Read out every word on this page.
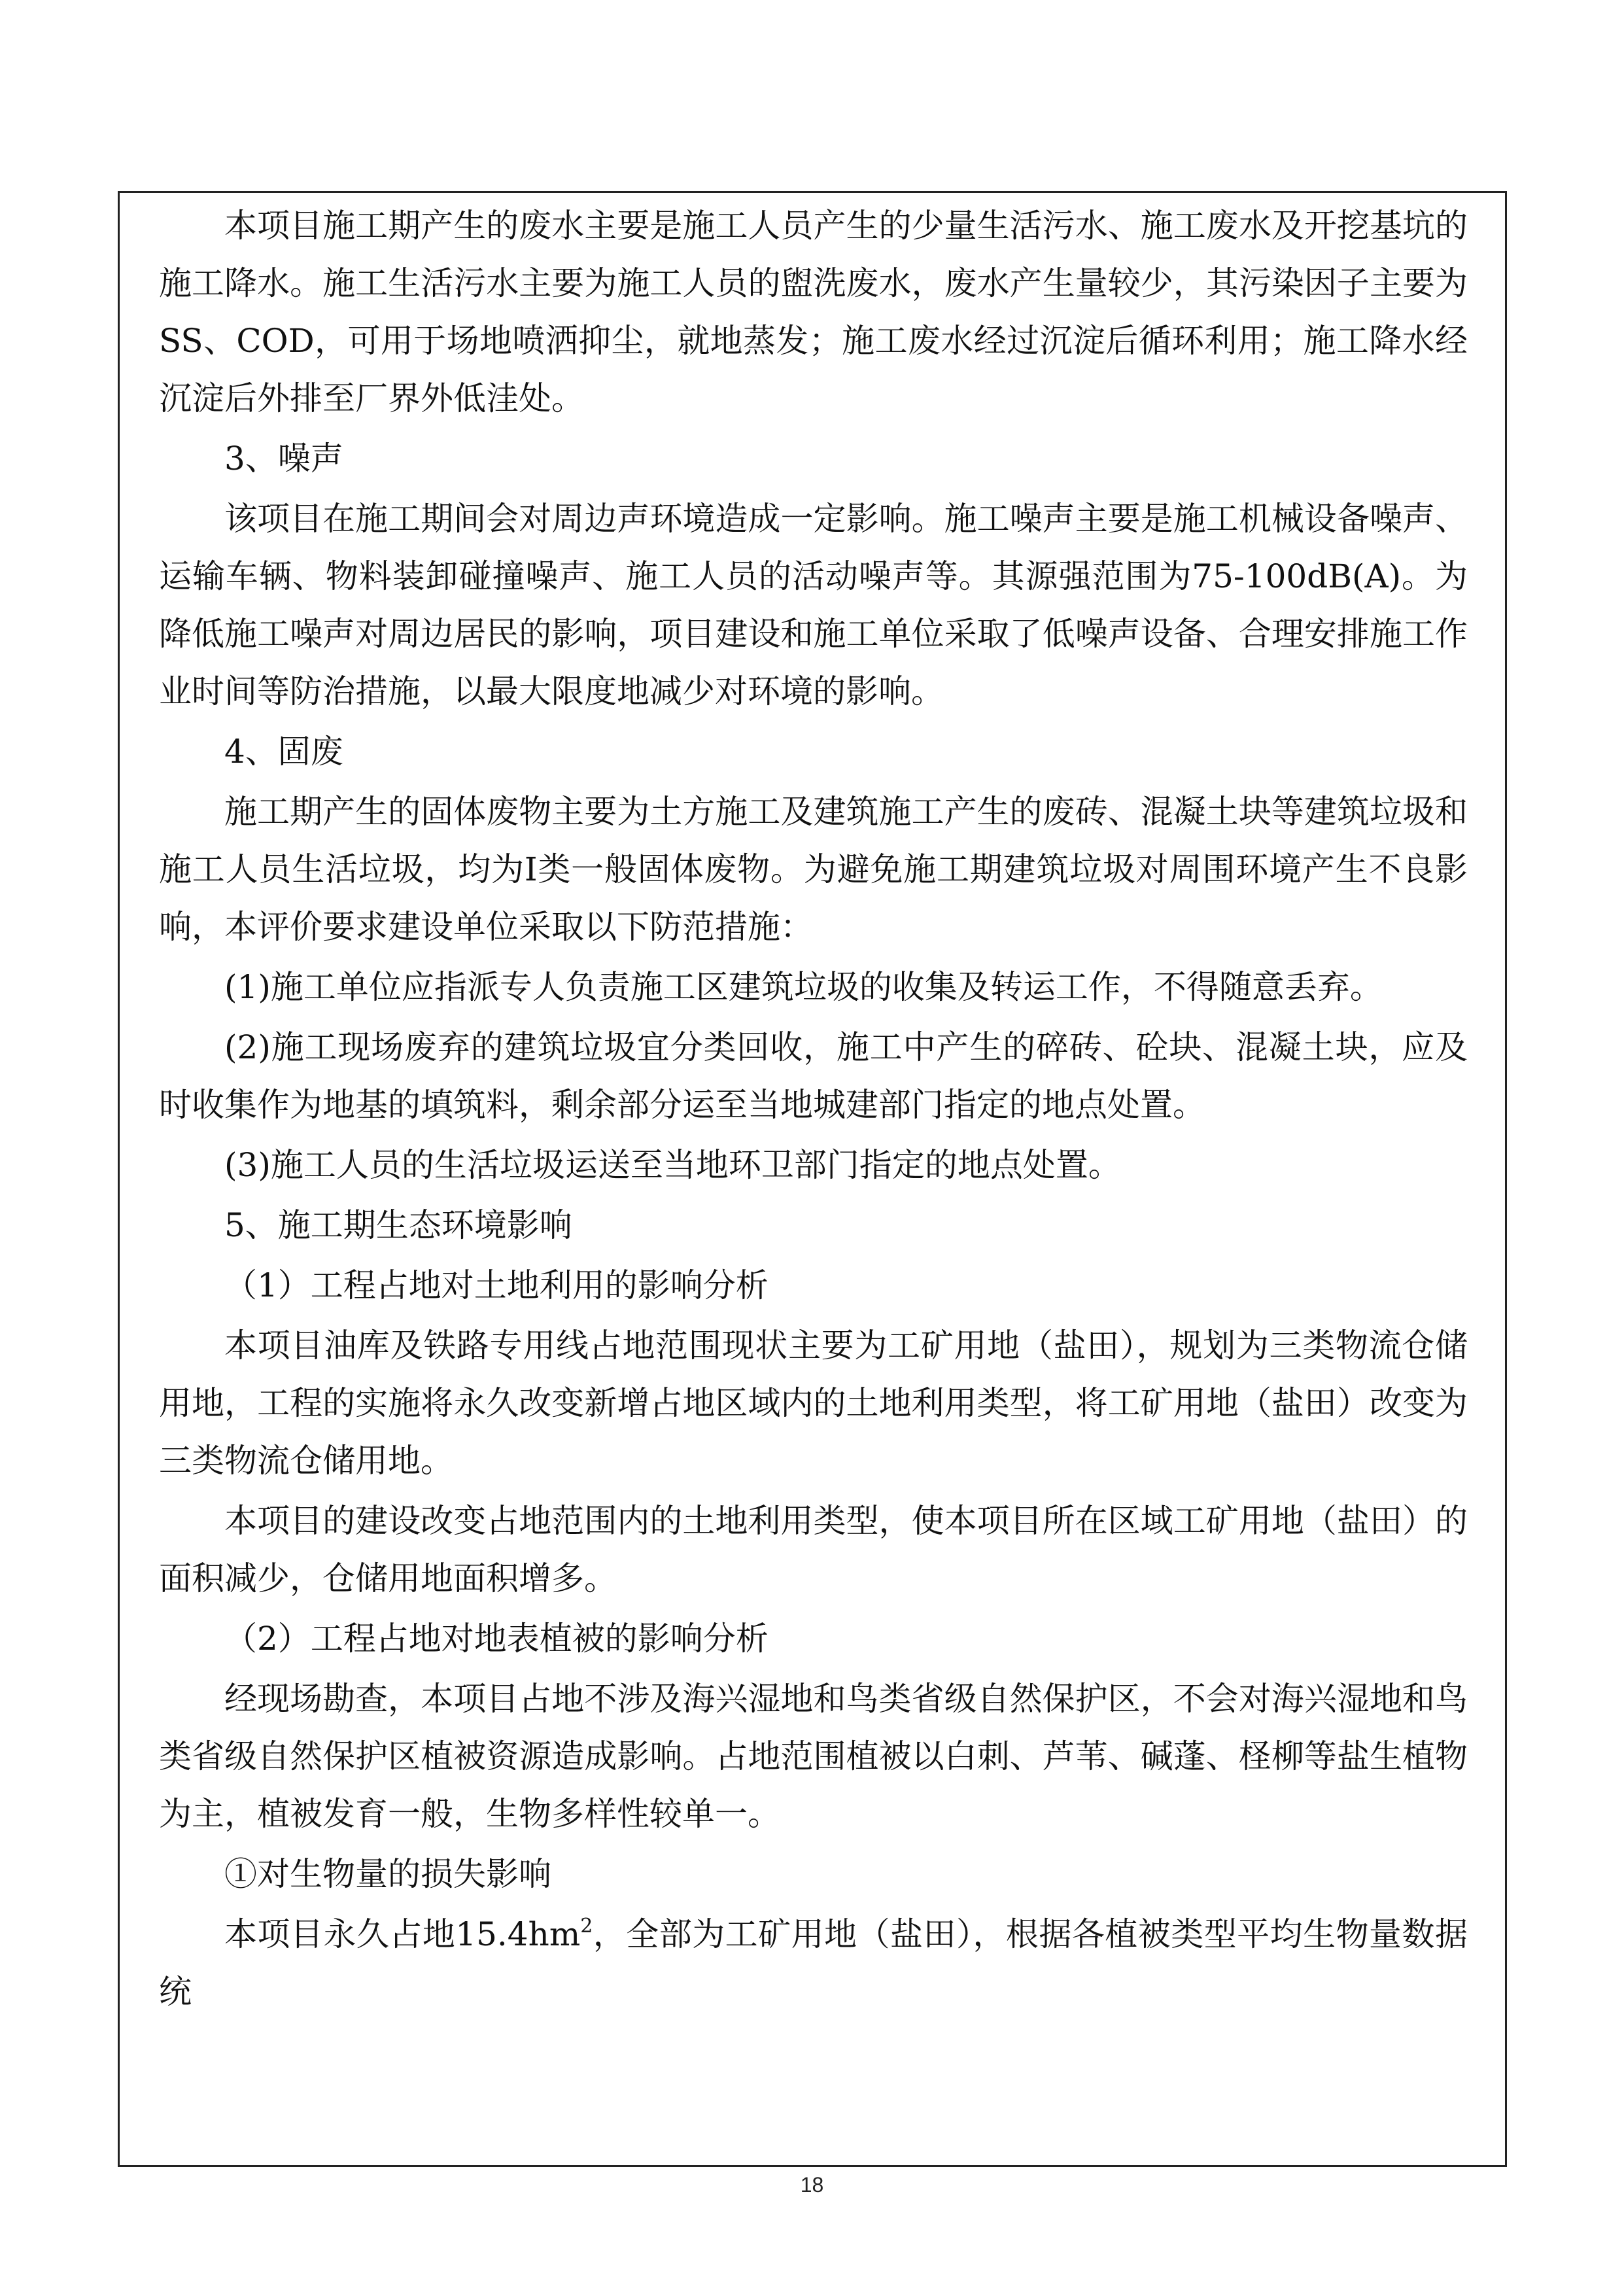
本项目施工期产生的废水主要是施工人员产生的少量生活污水、施工废水及开挖基坑的施工降水。施工生活污水主要为施工人员的盥洗废水，废水产生量较少，其污染因子主要为SS、COD，可用于场地喷洒抑尘，就地蒸发；施工废水经过沉淀后循环利用；施工降水经沉淀后外排至厂界外低洼处。

3、噪声

该项目在施工期间会对周边声环境造成一定影响。施工噪声主要是施工机械设备噪声、运输车辆、物料装卸碰撞噪声、施工人员的活动噪声等。其源强范围为75-100dB(A)。为降低施工噪声对周边居民的影响，项目建设和施工单位采取了低噪声设备、合理安排施工作业时间等防治措施，以最大限度地减少对环境的影响。

4、固废

施工期产生的固体废物主要为土方施工及建筑施工产生的废砖、混凝土块等建筑垃圾和施工人员生活垃圾，均为I类一般固体废物。为避免施工期建筑垃圾对周围环境产生不良影响，本评价要求建设单位采取以下防范措施：

(1)施工单位应指派专人负责施工区建筑垃圾的收集及转运工作，不得随意丢弃。

(2)施工现场废弃的建筑垃圾宜分类回收，施工中产生的碎砖、砼块、混凝土块，应及时收集作为地基的填筑料，剩余部分运至当地城建部门指定的地点处置。

(3)施工人员的生活垃圾运送至当地环卫部门指定的地点处置。

5、施工期生态环境影响

（1）工程占地对土地利用的影响分析

本项目油库及铁路专用线占地范围现状主要为工矿用地（盐田），规划为三类物流仓储用地，工程的实施将永久改变新增占地区域内的土地利用类型，将工矿用地（盐田）改变为三类物流仓储用地。

本项目的建设改变占地范围内的土地利用类型，使本项目所在区域工矿用地（盐田）的面积减少，仓储用地面积增多。

（2）工程占地对地表植被的影响分析

经现场勘查，本项目占地不涉及海兴湿地和鸟类省级自然保护区，不会对海兴湿地和鸟类省级自然保护区植被资源造成影响。占地范围植被以白刺、芦苇、碱蓬、柽柳等盐生植物为主，植被发育一般，生物多样性较单一。

①对生物量的损失影响

本项目永久占地$15.4hm^2$，全部为工矿用地（盐田），根据各植被类型平均生物量数据统

18
